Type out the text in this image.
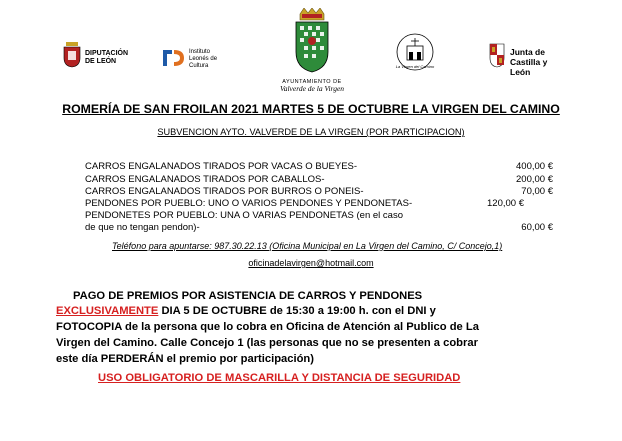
DIPUTACIÓN
DE LEÓN
Instituto
Leonés de
Cultura
AYUNTAMIENTO DE
Valverde de la Virgen
La Virgen del Camino
Junta de
Castilla y León
ROMERÍA DE SAN FROILAN 2021 MARTES 5 DE OCTUBRE LA VIRGEN DEL CAMINO
SUBVENCION AYTO. VALVERDE DE LA VIRGEN (POR PARTICIPACION)
CARROS ENGALANADOS TIRADOS POR VACAS O BUEYES-	400,00 €
CARROS ENGALANADOS TIRADOS POR CABALLOS-	200,00 €
CARROS ENGALANADOS TIRADOS POR BURROS O PONEIS-	70,00 €
PENDONES POR PUEBLO: UNO O VARIOS PENDONES Y PENDONETAS-	120,00 €
PENDONETES POR PUEBLO: UNA O VARIAS PENDONETAS (en el caso
de que no tengan pendon)-	60,00 €
Teléfono para apuntarse: 987.30.22.13 (Oficina Municipal en La Virgen del Camino, C/ Concejo,1)
oficinadelavirgen@hotmail.com
PAGO DE PREMIOS POR ASISTENCIA DE CARROS Y PENDONES
EXCLUSIVAMENTE DIA 5 DE OCTUBRE de 15:30 a 19:00 h. con el DNI y
FOTOCOPIA de la persona que lo cobra en Oficina de Atención al Publico de La
Virgen del Camino. Calle Concejo 1 (las personas que no se presenten a cobrar
este día PERDERÁN el premio por participación)
USO OBLIGATORIO DE MASCARILLA Y DISTANCIA DE SEGURIDAD
